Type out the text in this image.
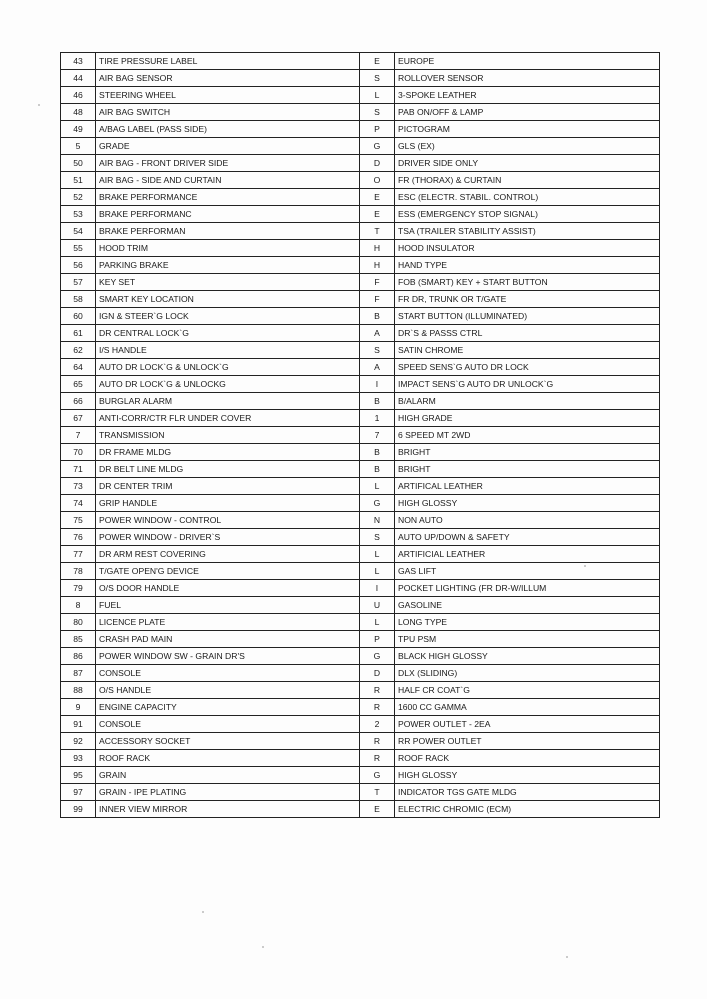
43	TIRE PRESSURE LABEL	E	EUROPE
44	AIR BAG SENSOR	S	ROLLOVER SENSOR
46	STEERING WHEEL	L	3-SPOKE LEATHER
48	AIR BAG SWITCH	S	PAB ON/OFF & LAMP
49	A/BAG LABEL (PASS SIDE)	P	PICTOGRAM
5	GRADE	G	GLS (EX)
50	AIR BAG - FRONT DRIVER SIDE	D	DRIVER SIDE ONLY
51	AIR BAG - SIDE AND CURTAIN	O	FR (THORAX) & CURTAIN
52	BRAKE PERFORMANCE	E	ESC (ELECTR. STABIL. CONTROL)
53	BRAKE PERFORMANC	E	ESS (EMERGENCY STOP SIGNAL)
54	BRAKE PERFORMAN	T	TSA (TRAILER STABILITY ASSIST)
55	HOOD TRIM	H	HOOD INSULATOR
56	PARKING BRAKE	H	HAND TYPE
57	KEY SET	F	FOB (SMART) KEY + START BUTTON
58	SMART KEY LOCATION	F	FR DR, TRUNK OR T/GATE
60	IGN & STEER`G LOCK	B	START BUTTON (ILLUMINATED)
61	DR CENTRAL LOCK`G	A	DR`S & PASSS CTRL
62	I/S HANDLE	S	SATIN CHROME
64	AUTO DR LOCK`G & UNLOCK`G	A	SPEED SENS`G AUTO DR LOCK
65	AUTO DR LOCK`G & UNLOCKG	I	IMPACT SENS`G AUTO DR UNLOCK`G
66	BURGLAR ALARM	B	B/ALARM
67	ANTI-CORR/CTR FLR UNDER COVER	1	HIGH GRADE
7	TRANSMISSION	7	6 SPEED MT 2WD
70	DR FRAME MLDG	B	BRIGHT
71	DR BELT LINE MLDG	B	BRIGHT
73	DR CENTER TRIM	L	ARTIFICAL LEATHER
74	GRIP HANDLE	G	HIGH GLOSSY
75	POWER WINDOW - CONTROL	N	NON AUTO
76	POWER WINDOW - DRIVER`S	S	AUTO UP/DOWN & SAFETY
77	DR ARM REST COVERING	L	ARTIFICIAL LEATHER
78	T/GATE OPEN'G DEVICE	L	GAS LIFT
79	O/S DOOR HANDLE	I	POCKET LIGHTING (FR DR-W/ILLUM
8	FUEL	U	GASOLINE
80	LICENCE PLATE	L	LONG TYPE
85	CRASH PAD MAIN	P	TPU PSM
86	POWER WINDOW SW - GRAIN DR'S	G	BLACK HIGH GLOSSY
87	CONSOLE	D	DLX (SLIDING)
88	O/S HANDLE	R	HALF CR COAT`G
9	ENGINE CAPACITY	R	1600 CC GAMMA
91	CONSOLE	2	POWER OUTLET - 2EA
92	ACCESSORY SOCKET	R	RR POWER OUTLET
93	ROOF RACK	R	ROOF RACK
95	GRAIN	G	HIGH GLOSSY
97	GRAIN - IPE PLATING	T	INDICATOR TGS GATE MLDG
99	INNER VIEW MIRROR	E	ELECTRIC CHROMIC (ECM)
